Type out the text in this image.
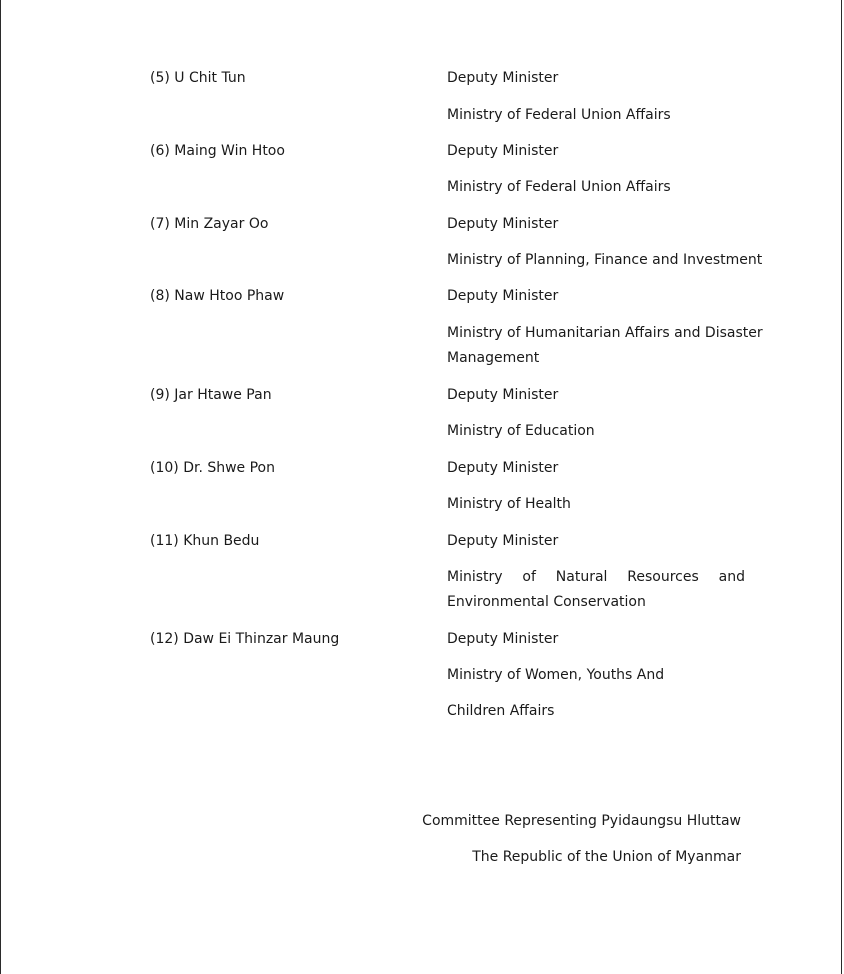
(5) U Chit Tun	Deputy Minister
Ministry of Federal Union Affairs
(6) Maing Win Htoo	Deputy Minister
Ministry of Federal Union Affairs
(7) Min Zayar Oo	Deputy Minister
Ministry of Planning, Finance and Investment
(8) Naw Htoo Phaw	Deputy Minister
Ministry of Humanitarian Affairs and Disaster
Management
(9) Jar Htawe Pan	Deputy Minister
Ministry of Education
(10) Dr. Shwe Pon	Deputy Minister
Ministry of Health
(11) Khun Bedu	Deputy Minister
Ministry of Natural Resources and
Environmental Conservation
(12) Daw Ei Thinzar Maung	Deputy Minister
Ministry of Women, Youths And
Children Affairs
Committee Representing Pyidaungsu Hluttaw
The Republic of the Union of Myanmar
